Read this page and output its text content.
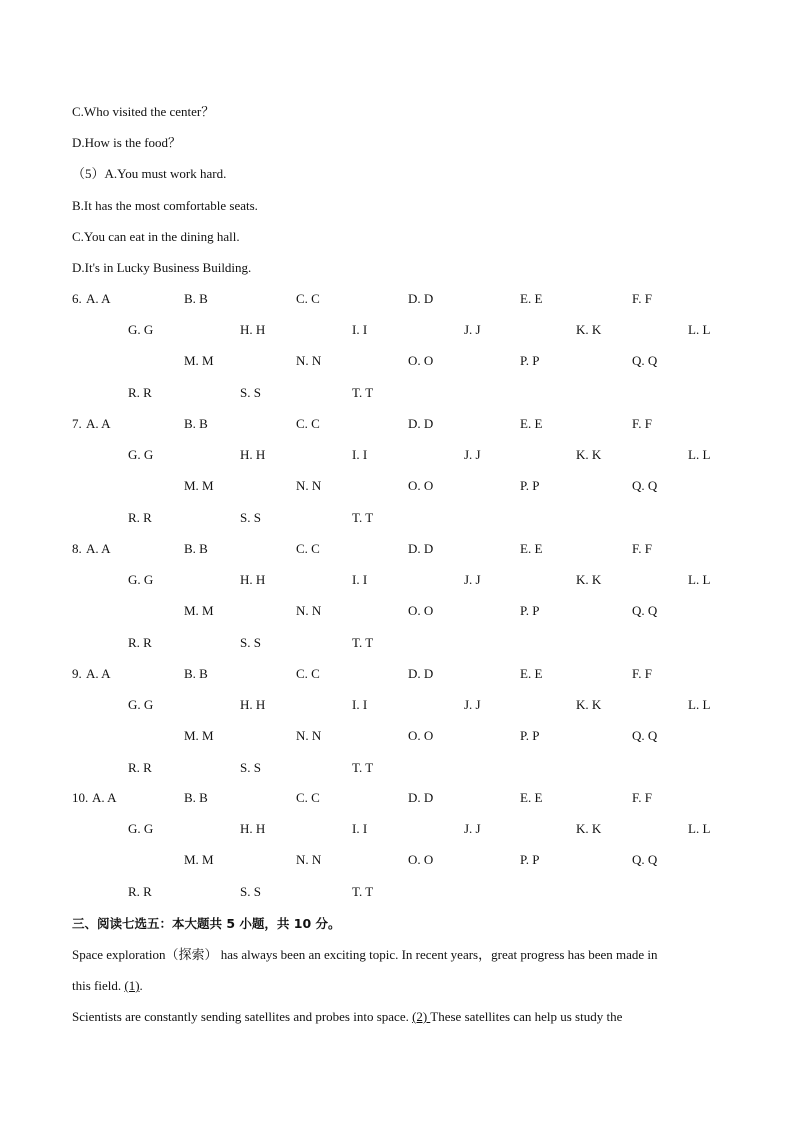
C.Who visited the center？
D.How is the food？
（5）A.You must work hard.
B.It has the most comfortable seats.
C.You can eat in the dining hall.
D.It's in Lucky Business Building.
6. A. A	B. B	C. C	D. D	E. E	F. F
G. G	H. H	I. I	J. J	K. K	L. L
M. M	N. N	O. O	P. P	Q. Q
R. R	S. S	T. T
7. A. A	B. B	C. C	D. D	E. E	F. F
G. G	H. H	I. I	J. J	K. K	L. L
M. M	N. N	O. O	P. P	Q. Q
R. R	S. S	T. T
8. A. A	B. B	C. C	D. D	E. E	F. F
G. G	H. H	I. I	J. J	K. K	L. L
M. M	N. N	O. O	P. P	Q. Q
R. R	S. S	T. T
9. A. A	B. B	C. C	D. D	E. E	F. F
G. G	H. H	I. I	J. J	K. K	L. L
M. M	N. N	O. O	P. P	Q. Q
R. R	S. S	T. T
10. A. A	B. B	C. C	D. D	E. E	F. F
G. G	H. H	I. I	J. J	K. K	L. L
M. M	N. N	O. O	P. P	Q. Q
R. R	S. S	T. T
三、阅读七选五：本大题共 5 小题，共 10 分。
Space exploration（探索） has always been an exciting topic. In recent years，great progress has been made in
this field. (1).
Scientists are constantly sending satellites and probes into space. (2) These satellites can help us study the
